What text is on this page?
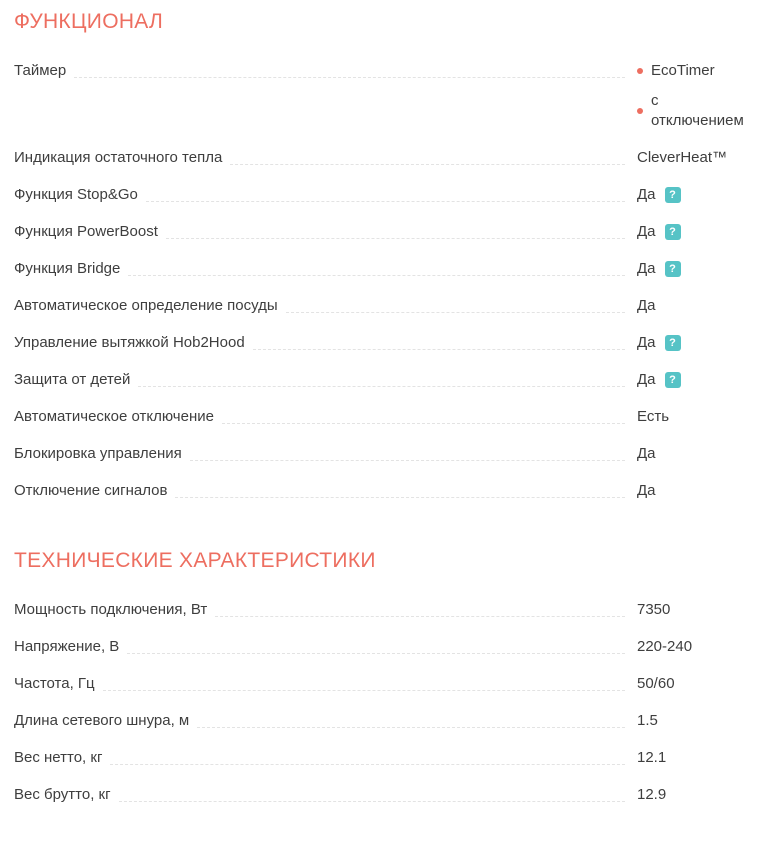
ФУНКЦИОНАЛ
Таймер	EcoTimer
с отключением
Индикация остаточного тепла	CleverHeat™
Функция Stop&Go	Да	?
Функция PowerBoost	Да	?
Функция Bridge	Да	?
Автоматическое определение посуды	Да
Управление вытяжкой Hob2Hood	Да	?
Защита от детей	Да	?
Автоматическое отключение	Есть
Блокировка управления	Да
Отключение сигналов	Да
ТЕХНИЧЕСКИЕ ХАРАКТЕРИСТИКИ
Мощность подключения, Вт	7350
Напряжение, В	220-240
Частота, Гц	50/60
Длина сетевого шнура, м	1.5
Вес нетто, кг	12.1
Вес брутто, кг	12.9
